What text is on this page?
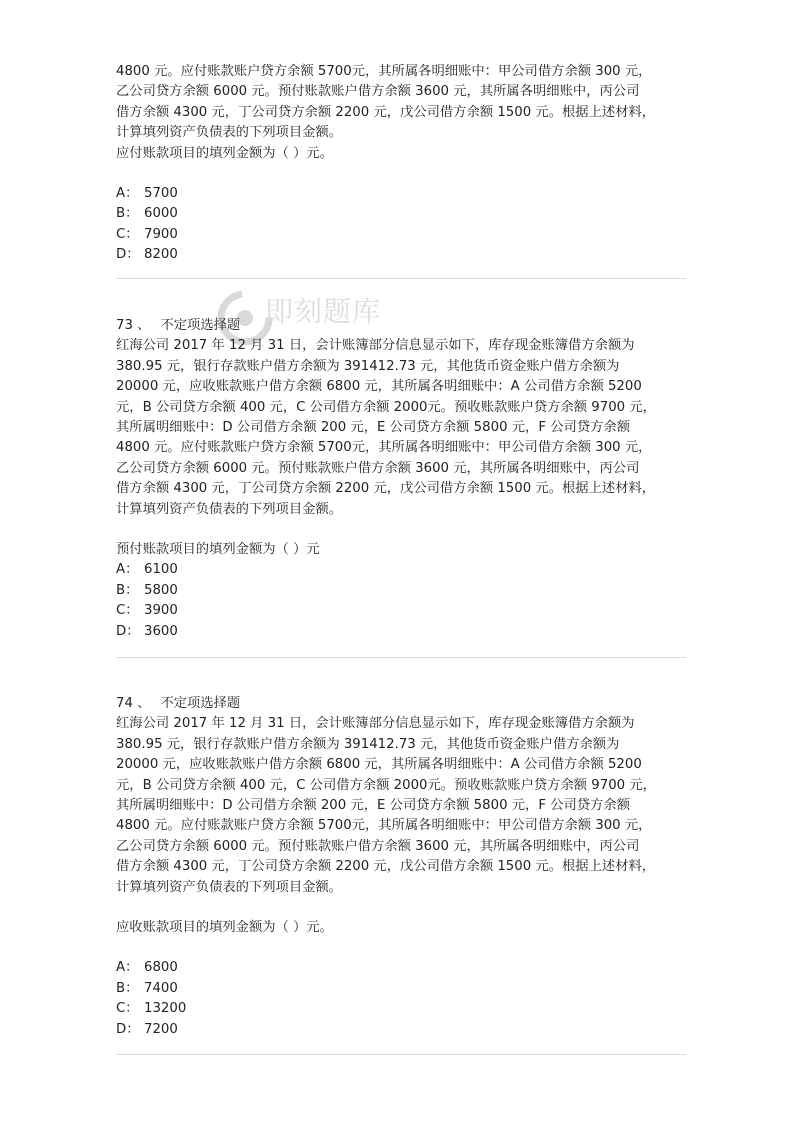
即刻题库

4800 元。应付账款账户贷方余额 5700元，其所属各明细账中：甲公司借方余额 300 元，

乙公司贷方余额 6000 元。预付账款账户借方余额 3600 元，其所属各明细账中，丙公司

借方余额 4300 元，丁公司贷方余额 2200 元，戊公司借方余额 1500 元。根据上述材料，

计算填列资产负债表的下列项目金额。

应付账款项目的填列金额为（ ）元。

A： 5700
B： 6000
C： 7900
D： 8200
73 、 不定项选择题

红海公司 2017 年 12 月 31 日，会计账簿部分信息显示如下，库存现金账簿借方余额为

380.95 元，银行存款账户借方余额为 391412.73 元，其他货币资金账户借方余额为

20000 元，应收账款账户借方余额 6800 元，其所属各明细账中：A 公司借方余额 5200

元，B 公司贷方余额 400 元，C 公司借方余额 2000元。预收账款账户贷方余额 9700 元，

其所属明细账中：D 公司借方余额 200 元，E 公司贷方余额 5800 元，F 公司贷方余额

4800 元。应付账款账户贷方余额 5700元，其所属各明细账中：甲公司借方余额 300 元，

乙公司贷方余额 6000 元。预付账款账户借方余额 3600 元，其所属各明细账中，丙公司

借方余额 4300 元，丁公司贷方余额 2200 元，戊公司借方余额 1500 元。根据上述材料，

计算填列资产负债表的下列项目金额。

预付账款项目的填列金额为（ ）元

A： 6100
B： 5800
C： 3900
D： 3600
74 、 不定项选择题

红海公司 2017 年 12 月 31 日，会计账簿部分信息显示如下，库存现金账簿借方余额为

380.95 元，银行存款账户借方余额为 391412.73 元，其他货币资金账户借方余额为

20000 元，应收账款账户借方余额 6800 元，其所属各明细账中：A 公司借方余额 5200

元，B 公司贷方余额 400 元，C 公司借方余额 2000元。预收账款账户贷方余额 9700 元，

其所属明细账中：D 公司借方余额 200 元，E 公司贷方余额 5800 元，F 公司贷方余额

4800 元。应付账款账户贷方余额 5700元，其所属各明细账中：甲公司借方余额 300 元，

乙公司贷方余额 6000 元。预付账款账户借方余额 3600 元，其所属各明细账中，丙公司

借方余额 4300 元，丁公司贷方余额 2200 元，戊公司借方余额 1500 元。根据上述材料，

计算填列资产负债表的下列项目金额。

应收账款项目的填列金额为（ ）元。

A： 6800
B： 7400
C： 13200
D： 7200
